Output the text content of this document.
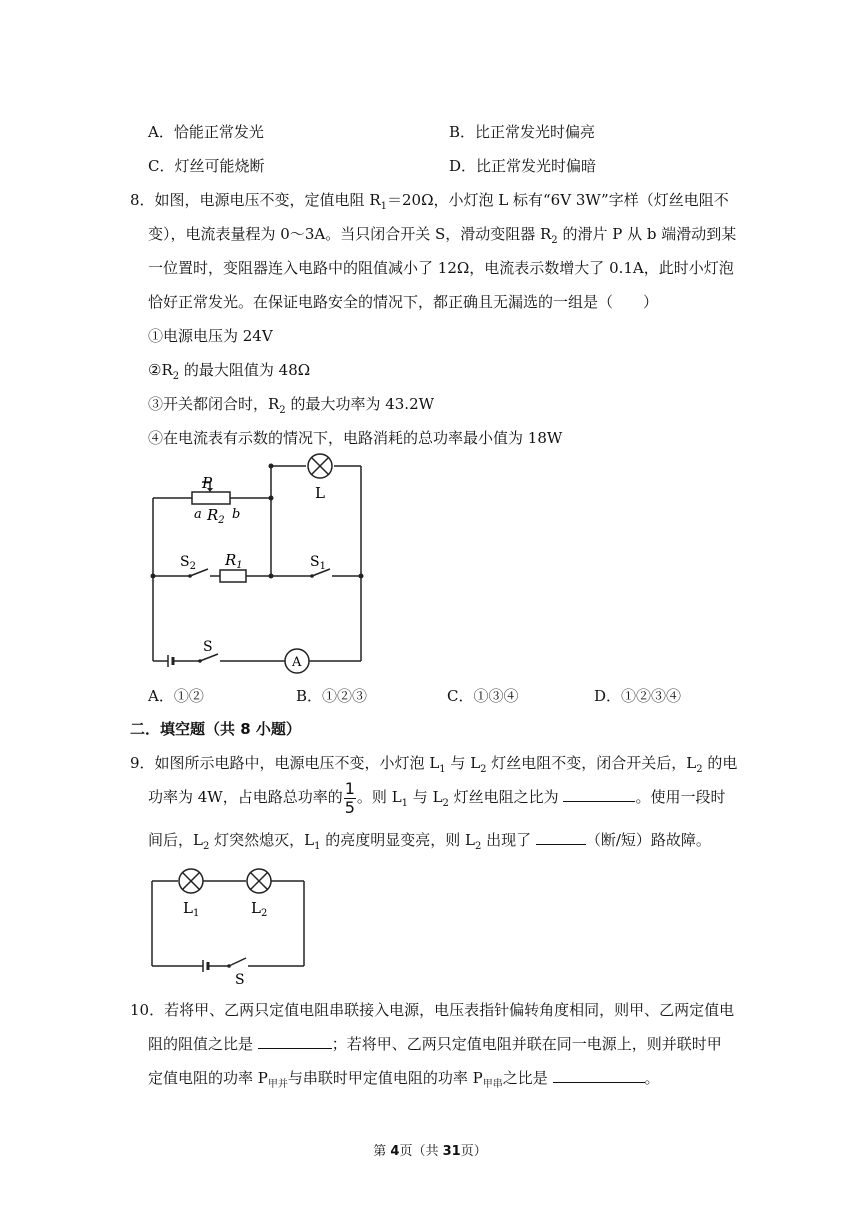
A．恰能正常发光	B．比正常发光时偏亮
C．灯丝可能烧断	D．比正常发光时偏暗
8．如图，电源电压不变，定值电阻 $R_1=20\Omega$，小灯泡 L 标有“6V 3W”字样（灯丝电阻不
变），电流表量程为 0～3A。当只闭合开关 S，滑动变阻器 $R_2$ 的滑片 P 从 b 端滑动到某
一位置时，变阻器连入电路中的阻值减小了 12Ω，电流表示数增大了 0.1A，此时小灯泡
恰好正常发光。在保证电路安全的情况下，都正确且无漏选的一组是（　　）
①电源电压为 24V
$②R_2$ 的最大阻值为 48Ω
③开关都闭合时，$R_2$ 的最大功率为 43.2W
④在电流表有示数的情况下，电路消耗的总功率最小值为 18W
P
a $R_2$ b
L
$S_2$ $R_1$	$S_1$
S
A
A．①②	B．①②③	C．①③④	D．①②③④
二．填空题（共 8 小题）
9．如图所示电路中，电源电压不变，小灯泡 $L_1$ 与 $L_2$ 灯丝电阻不变，闭合开关后，$L_2$ 的电
功率为 4W，占电路总功率的 $\frac{1}{5}$ 。则 $L_1$ 与 $L_2$ 灯丝电阻之比为	。使用一段时
间后，$L_2$ 灯突然熄灭，$L_1$ 的亮度明显变亮，则 $L_2$ 出现了	（断/短）路故障。
$L_1$	$L_2$
S
10．若将甲、乙两只定值电阻串联接入电源，电压表指针偏转角度相同，则甲、乙两定值电
阻的阻值之比是	；若将甲、乙两只定值电阻并联在同一电源上，则并联时甲
定值电阻的功率 $P_{甲并}$与串联时甲定值电阻的功率 $P_{甲串}$之比是	。
第 4页（共 31页）
